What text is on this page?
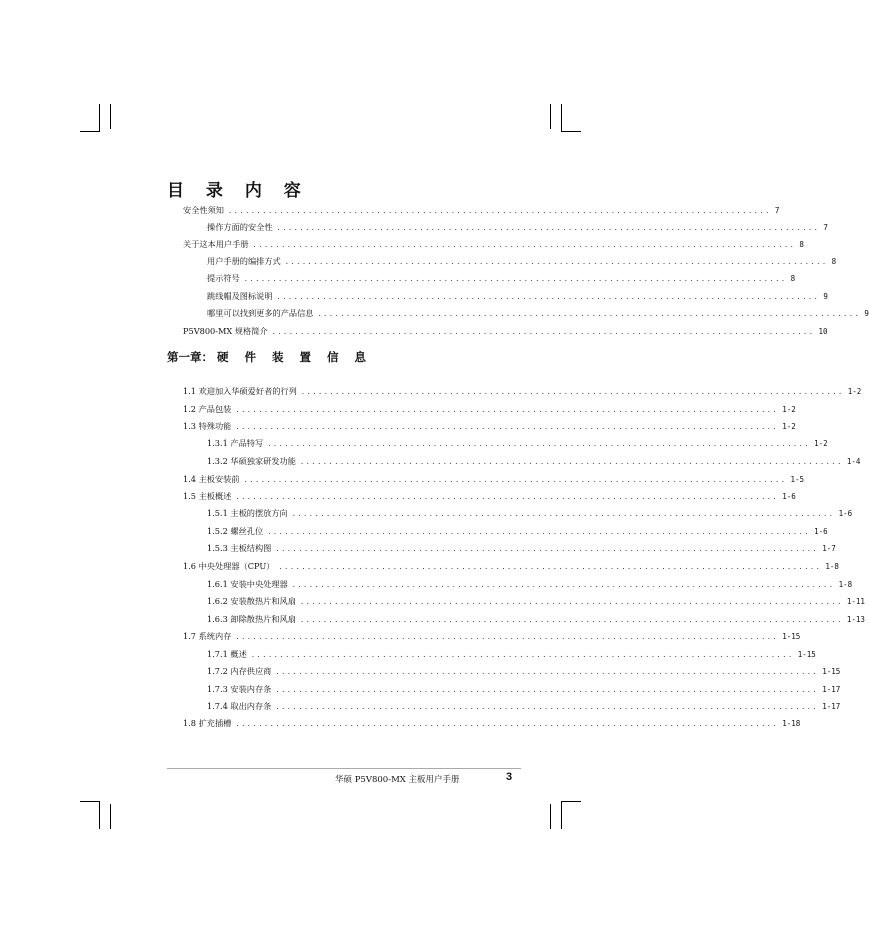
目 录 内 容
安全性须知 ............................................................................................... 7
操作方面的安全性 ............................................................................................... 7
关于这本用户手册 ............................................................................................... 8
用户手册的编排方式 ............................................................................................... 8
提示符号 ............................................................................................... 8
跳线帽及图标说明 ............................................................................................... 9
哪里可以找到更多的产品信息 ............................................................................................... 9
P5V800-MX 规格简介 ............................................................................................... 10
第一章： 硬 件 装 置 信 息
1.1 欢迎加入华硕爱好者的行列 ............................................................................................... 1-2
1.2 产品包装 ............................................................................................... 1-2
1.3 特殊功能 ............................................................................................... 1-2
1.3.1 产品特写 ............................................................................................... 1-2
1.3.2 华硕独家研发功能 ............................................................................................... 1-4
1.4 主板安装前 ............................................................................................... 1-5
1.5 主板概述 ............................................................................................... 1-6
1.5.1 主板的摆放方向 ............................................................................................... 1-6
1.5.2 螺丝孔位 ............................................................................................... 1-6
1.5.3 主板结构图 ............................................................................................... 1-7
1.6 中央处理器（CPU） ............................................................................................... 1-8
1.6.1 安装中央处理器 ............................................................................................... 1-8
1.6.2 安装散热片和风扇 ............................................................................................... 1-11
1.6.3 卸除散热片和风扇 ............................................................................................... 1-13
1.7 系统内存 ............................................................................................... 1-15
1.7.1 概述 ............................................................................................... 1-15
1.7.2 内存供应商 ............................................................................................... 1-15
1.7.3 安装内存条 ............................................................................................... 1-17
1.7.4 取出内存条 ............................................................................................... 1-17
1.8 扩充插槽 ............................................................................................... 1-18
华硕 P5V800-MX 主板用户手册	3
